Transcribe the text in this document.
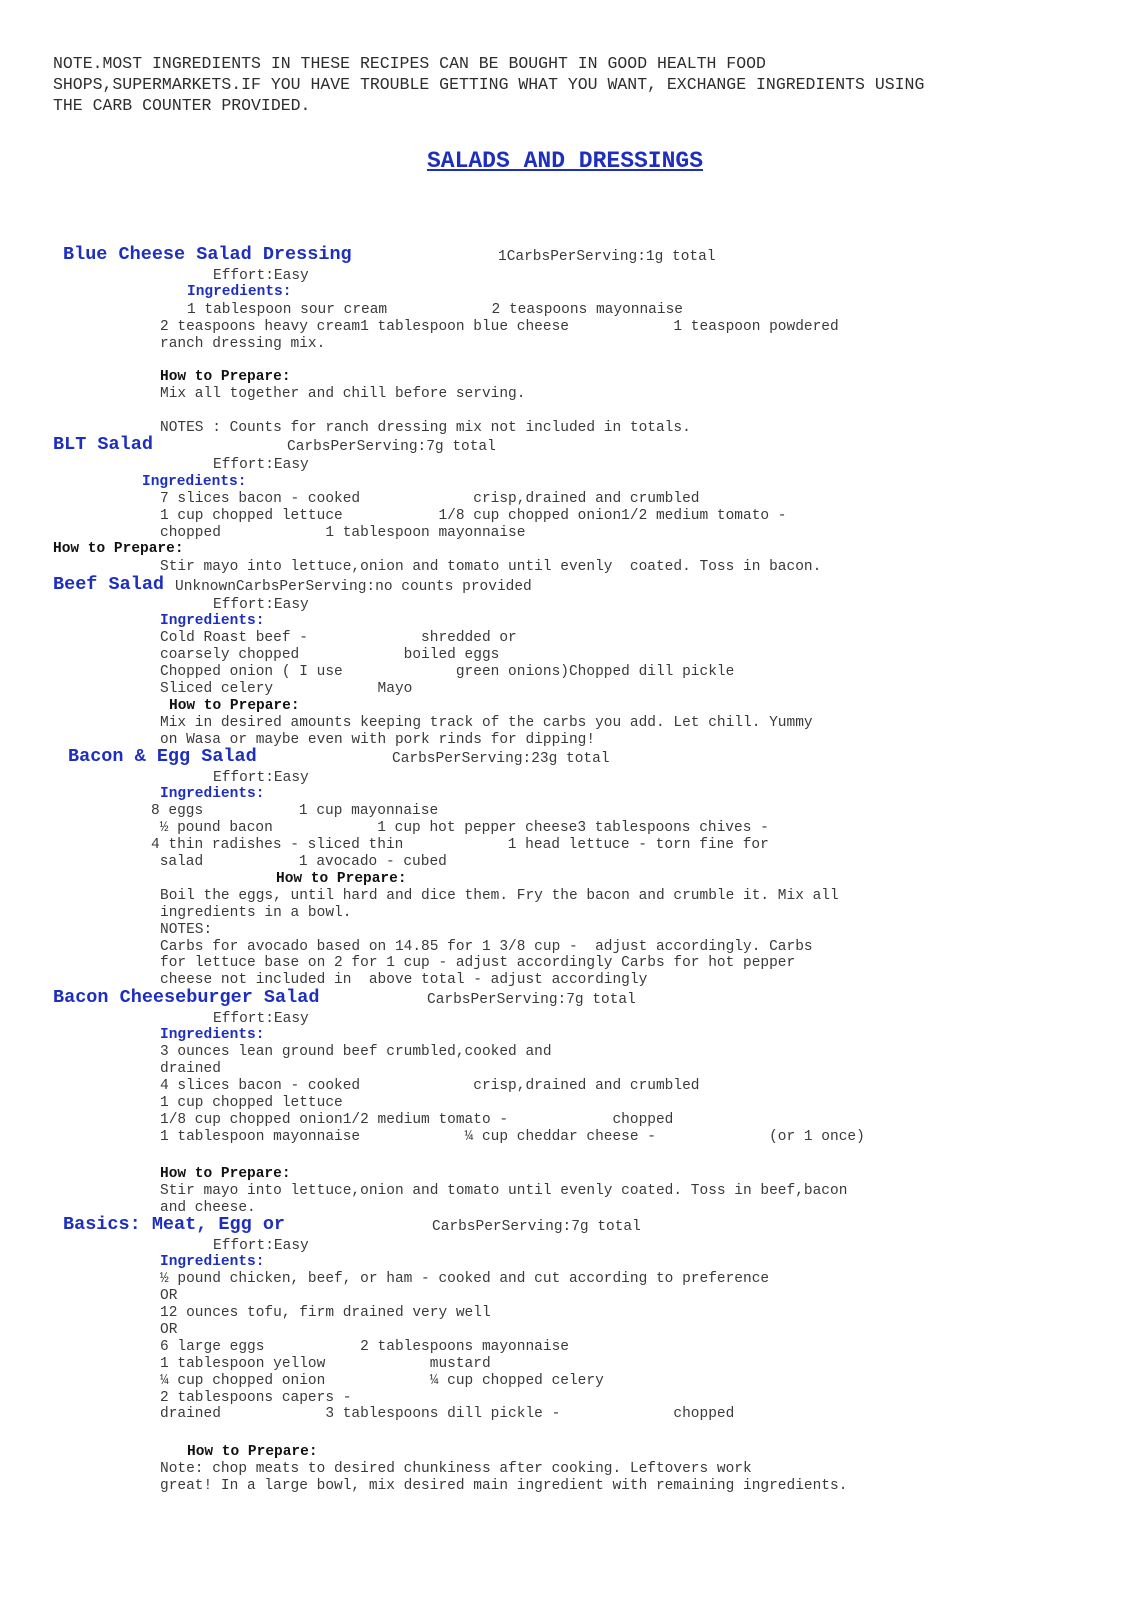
NOTE.MOST INGREDIENTS IN THESE RECIPES CAN BE BOUGHT IN GOOD HEALTH FOOD
SHOPS,SUPERMARKETS.IF YOU HAVE TROUBLE GETTING WHAT YOU WANT, EXCHANGE INGREDIENTS USING
THE CARB COUNTER PROVIDED.
SALADS AND DRESSINGS
Blue Cheese Salad Dressing	1CarbsPerServing:1g total
Effort:Easy
Ingredients:
1 tablespoon sour cream            2 teaspoons mayonnaise
2 teaspoons heavy cream1 tablespoon blue cheese            1 teaspoon powdered
ranch dressing mix.
How to Prepare:
Mix all together and chill before serving.
NOTES : Counts for ranch dressing mix not included in totals.
BLT Salad	CarbsPerServing:7g total
Effort:Easy
Ingredients:
7 slices bacon - cooked             crisp,drained and crumbled
1 cup chopped lettuce           1/8 cup chopped onion1/2 medium tomato -
chopped            1 tablespoon mayonnaise
How to Prepare:
Stir mayo into lettuce,onion and tomato until evenly  coated. Toss in bacon.
Beef Salad UnknownCarbsPerServing:no counts provided
Effort:Easy
Ingredients:
Cold Roast beef -             shredded or
coarsely chopped            boiled eggs
Chopped onion ( I use             green onions)Chopped dill pickle
Sliced celery            Mayo
How to Prepare:
Mix in desired amounts keeping track of the carbs you add. Let chill. Yummy
on Wasa or maybe even with pork rinds for dipping!
Bacon & Egg Salad	CarbsPerServing:23g total
Effort:Easy
Ingredients:
8 eggs           1 cup mayonnaise
½ pound bacon            1 cup hot pepper cheese3 tablespoons chives -
4 thin radishes - sliced thin            1 head lettuce - torn fine for
salad           1 avocado - cubed
How to Prepare:
Boil the eggs, until hard and dice them. Fry the bacon and crumble it. Mix all
ingredients in a bowl.
NOTES:
Carbs for avocado based on 14.85 for 1 3/8 cup -  adjust accordingly. Carbs
for lettuce base on 2 for 1 cup - adjust accordingly Carbs for hot pepper
cheese not included in  above total - adjust accordingly
Bacon Cheeseburger Salad	CarbsPerServing:7g total
Effort:Easy
Ingredients:
3 ounces lean ground beef crumbled,cooked and
drained
4 slices bacon - cooked             crisp,drained and crumbled
1 cup chopped lettuce
1/8 cup chopped onion1/2 medium tomato -            chopped
1 tablespoon mayonnaise            ¼ cup cheddar cheese -             (or 1 once)
How to Prepare:
Stir mayo into lettuce,onion and tomato until evenly coated. Toss in beef,bacon
and cheese.
Basics: Meat, Egg or	CarbsPerServing:7g total
Effort:Easy
Ingredients:
½ pound chicken, beef, or ham - cooked and cut according to preference
OR
12 ounces tofu, firm drained very well
OR
6 large eggs           2 tablespoons mayonnaise
1 tablespoon yellow            mustard
¼ cup chopped onion            ¼ cup chopped celery
2 tablespoons capers -
drained            3 tablespoons dill pickle -             chopped
How to Prepare:
Note: chop meats to desired chunkiness after cooking. Leftovers work
great! In a large bowl, mix desired main ingredient with remaining ingredients.
